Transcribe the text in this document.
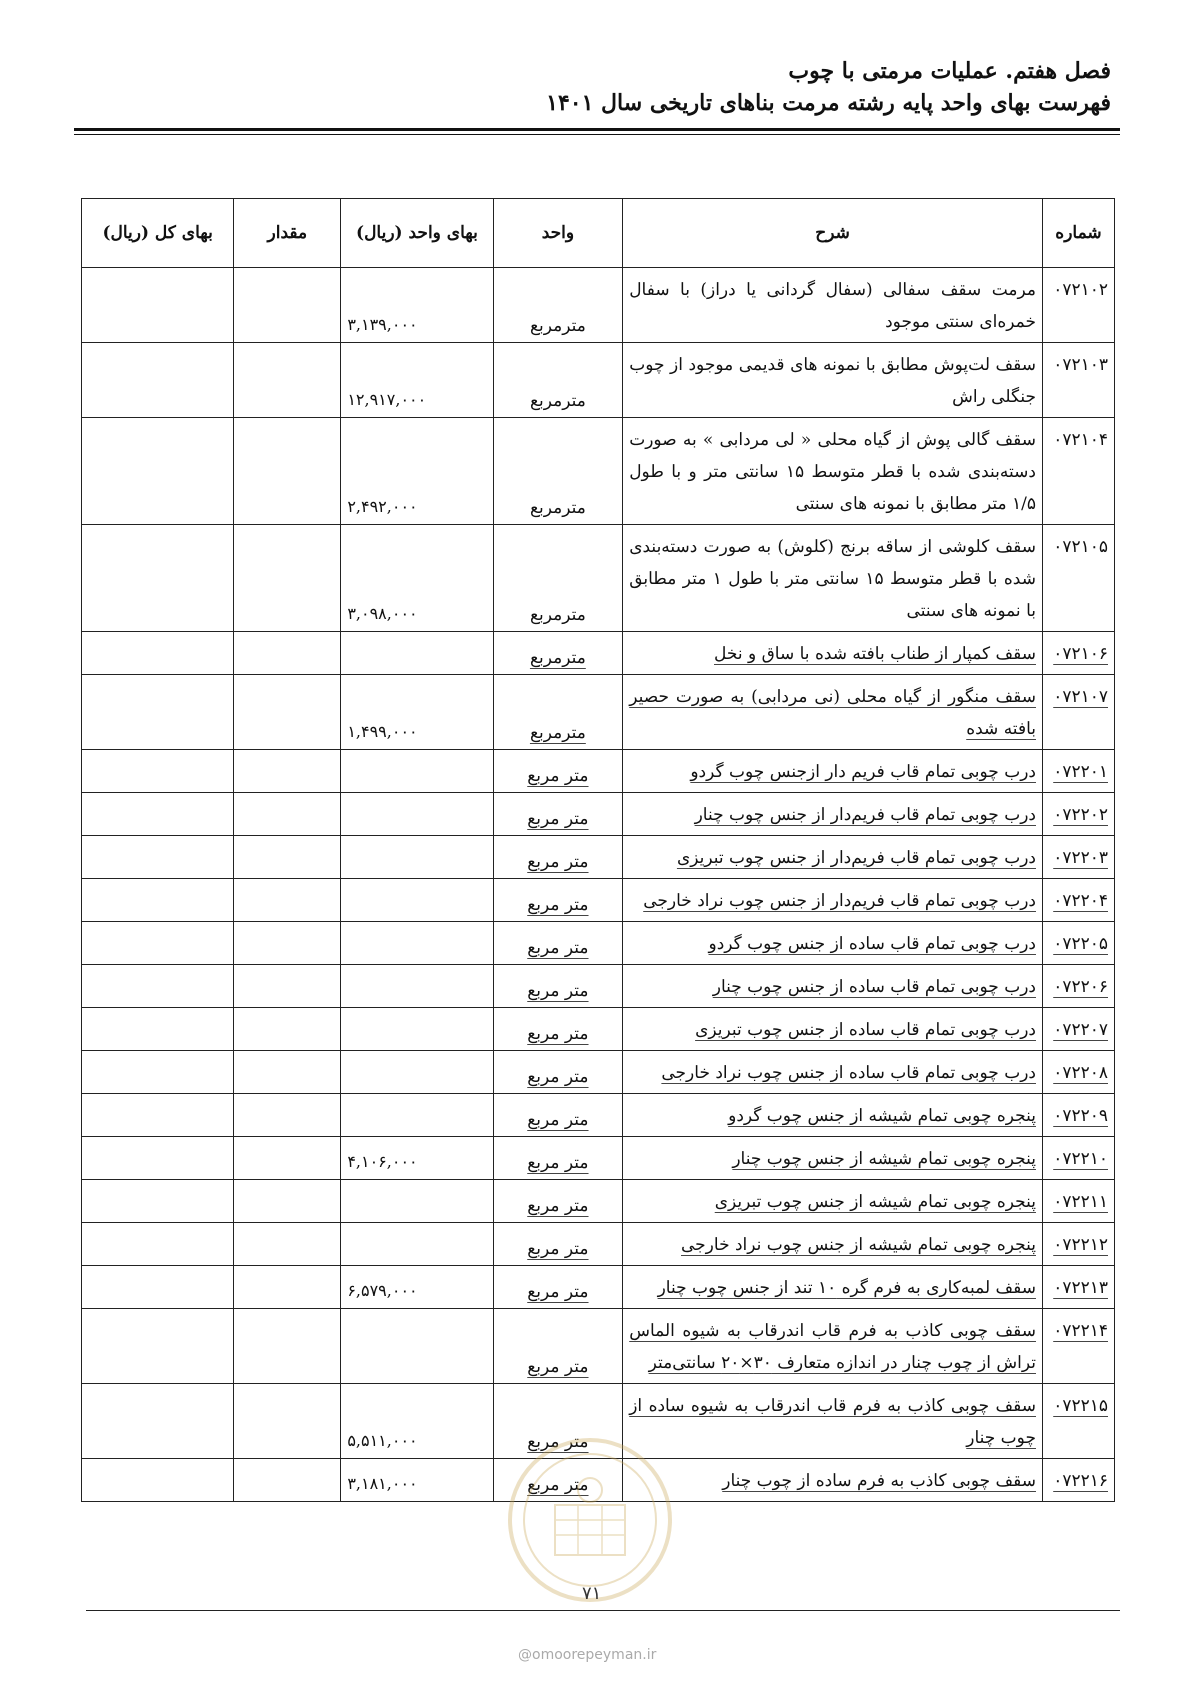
فصل هفتم. عملیات مرمتی با چوب
فهرست بهای واحد پایه رشته مرمت بناهای تاریخی سال ۱۴۰۱
شماره	شرح	واحد	بهای واحد (ریال)	مقدار	بهای کل (ریال)
۰۷۲۱۰۲	مرمت سقف سفالی (سفال گردانی یا دراز) با سفال خمره‌ای سنتی موجود	مترمربع	۳,۱۳۹,۰۰۰		
۰۷۲۱۰۳	سقف لت‌پوش مطابق با نمونه های قدیمی موجود از چوب جنگلی راش	مترمربع	۱۲,۹۱۷,۰۰۰		
۰۷۲۱۰۴	سقف گالی پوش از گیاه محلی « لی مردابی » به صورت دسته‌بندی شده با قطر متوسط ۱۵ سانتی متر و با طول ۱/۵ متر مطابق با نمونه های سنتی	مترمربع	۲,۴۹۲,۰۰۰		
۰۷۲۱۰۵	سقف کلوشی از ساقه برنج (کلوش) به صورت دسته‌بندی شده با قطر متوسط ۱۵ سانتی متر با طول ۱ متر مطابق با نمونه های سنتی	مترمربع	۳,۰۹۸,۰۰۰		
۰۷۲۱۰۶	سقف کمپار از طناب بافته شده با ساق و نخل	مترمربع			
۰۷۲۱۰۷	سقف منگور از گیاه محلی (نی مردابی) به صورت حصیر بافته شده	مترمربع	۱,۴۹۹,۰۰۰		
۰۷۲۲۰۱	درب چوبی تمام قاب فریم دار ازجنس چوب گردو	متر مربع			
۰۷۲۲۰۲	درب چوبی تمام قاب فریم‌دار از جنس چوب چنار	متر مربع			
۰۷۲۲۰۳	درب چوبی تمام قاب فریم‌دار از جنس چوب تبریزی	متر مربع			
۰۷۲۲۰۴	درب چوبی تمام قاب فریم‌دار از جنس چوب نراد خارجی	متر مربع			
۰۷۲۲۰۵	درب چوبی تمام قاب ساده از جنس چوب گردو	متر مربع			
۰۷۲۲۰۶	درب چوبی تمام قاب ساده از جنس چوب چنار	متر مربع			
۰۷۲۲۰۷	درب چوبی تمام قاب ساده از جنس چوب تبریزی	متر مربع			
۰۷۲۲۰۸	درب چوبی تمام قاب ساده از جنس چوب نراد خارجی	متر مربع			
۰۷۲۲۰۹	پنجره چوبی تمام شیشه از جنس چوب گردو	متر مربع			
۰۷۲۲۱۰	پنجره چوبی تمام شیشه از جنس چوب چنار	متر مربع	۴,۱۰۶,۰۰۰		
۰۷۲۲۱۱	پنجره چوبی تمام شیشه از جنس چوب تبریزی	متر مربع			
۰۷۲۲۱۲	پنجره چوبی تمام شیشه از جنس چوب نراد خارجی	متر مربع			
۰۷۲۲۱۳	سقف لمبه‌کاری به فرم گره ۱۰ تند از جنس چوب چنار	متر مربع	۶,۵۷۹,۰۰۰		
۰۷۲۲۱۴	سقف چوبی کاذب به فرم قاب اندرقاب به شیوه الماس تراش از چوب چنار در اندازه متعارف ۳۰×۲۰ سانتی‌متر	متر مربع			
۰۷۲۲۱۵	سقف چوبی کاذب به فرم قاب اندرقاب به شیوه ساده از چوب چنار	متر مربع	۵,۵۱۱,۰۰۰		
۰۷۲۲۱۶	سقف چوبی کاذب به فرم ساده از چوب چنار	متر مربع	۳,۱۸۱,۰۰۰		
۷۱
@omoorepeyman.ir
